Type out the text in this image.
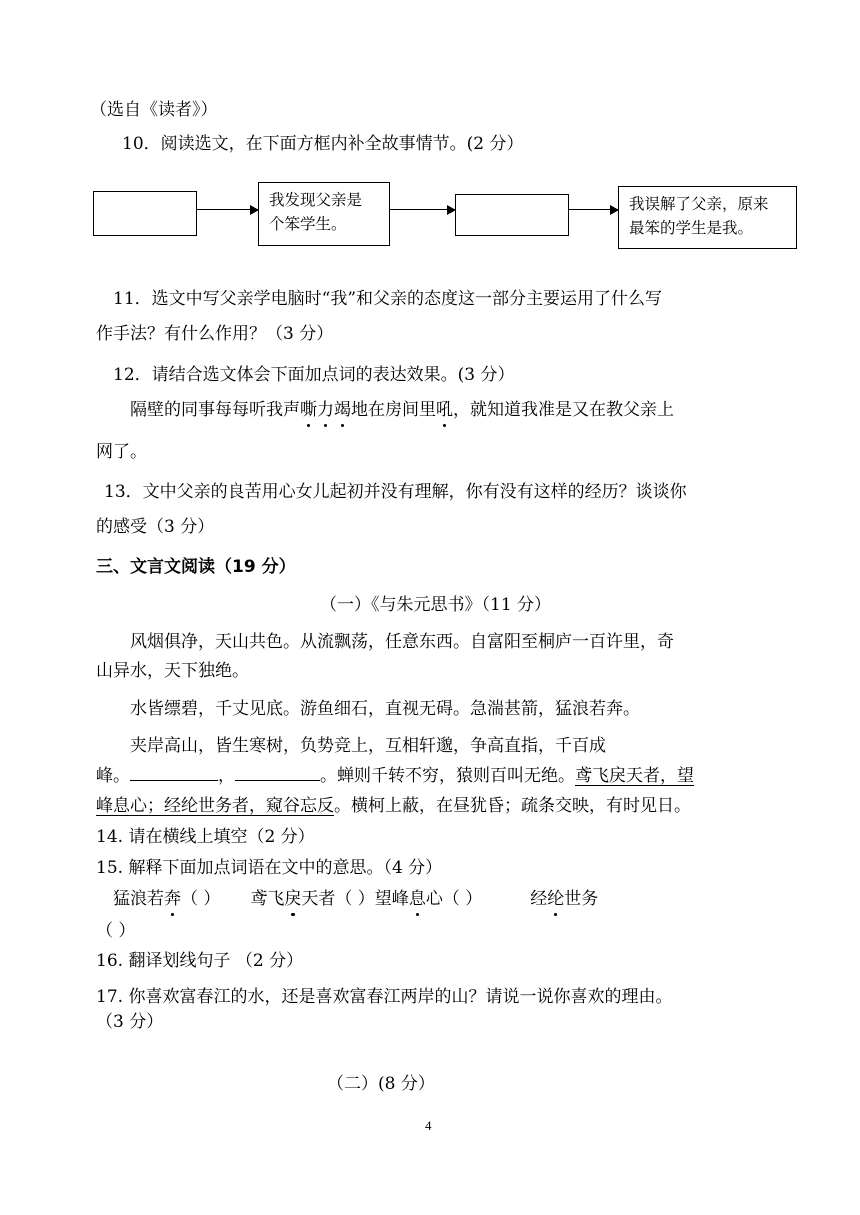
（选自《读者》）
10．阅读选文，在下面方框内补全故事情节。(2 分）
我发现父亲是
个笨学生。
我误解了父亲，原来
最笨的学生是我。
11．选文中写父亲学电脑时“我”和父亲的态度这一部分主要运用了什么写
作手法？有什么作用？（3 分）
12．请结合选文体会下面加点词的表达效果。(3 分）
隔壁的同事每每听我声嘶力竭地在房间里吼，就知道我准是又在教父亲上
网了。
13．文中父亲的良苦用心女儿起初并没有理解，你有没有这样的经历？谈谈你
的感受（3 分）
三、文言文阅读（19 分）
（一）《与朱元思书》（11 分）
风烟俱净，天山共色。从流飘荡，任意东西。自富阳至桐庐一百许里，奇
山异水，天下独绝。
水皆缥碧，千丈见底。游鱼细石，直视无碍。急湍甚箭，猛浪若奔。
夹岸高山，皆生寒树，负势竞上，互相轩邈，争高直指，千百成
峰。	，	。蝉则千转不穷，猿则百叫无绝。鸢飞戾天者，望
峰息心；经纶世务者，窥谷忘反。横柯上蔽，在昼犹昏；疏条交映，有时见日。
14. 请在横线上填空（2 分）
15. 解释下面加点词语在文中的意思。（4 分）
猛浪若奔（ ） 鸢飞戾天者（ ）望峰息心（ ）	经纶世务
（ ）
16. 翻译划线句子 （2 分）
17. 你喜欢富春江的水，还是喜欢富春江两岸的山？请说一说你喜欢的理由。
（3 分）
（二）(8 分）
4
